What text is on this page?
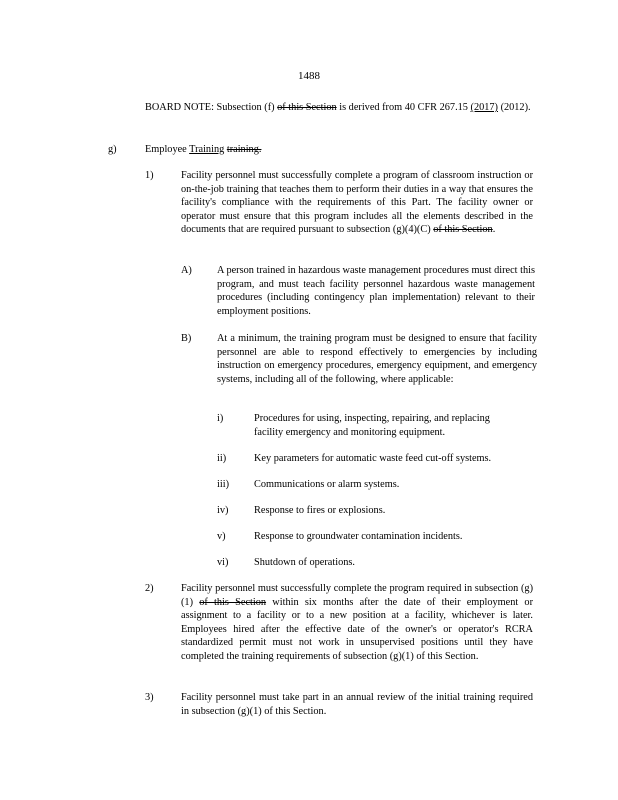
1488
BOARD NOTE: Subsection (f) of this Section is derived from 40 CFR 267.15 (2017) (2012).
g)	Employee Training training.
1)	Facility personnel must successfully complete a program of classroom instruction or on-the-job training that teaches them to perform their duties in a way that ensures the facility's compliance with the requirements of this Part. The facility owner or operator must ensure that this program includes all the elements described in the documents that are required pursuant to subsection (g)(4)(C) of this Section.
A) A person trained in hazardous waste management procedures must direct this program, and must teach facility personnel hazardous waste management procedures (including contingency plan implementation) relevant to their employment positions.
B) At a minimum, the training program must be designed to ensure that facility personnel are able to respond effectively to emergencies by including instruction on emergency procedures, emergency equipment, and emergency systems, including all of the following, where applicable:
i)	Procedures for using, inspecting, repairing, and replacing facility emergency and monitoring equipment.
ii)	Key parameters for automatic waste feed cut-off systems.
iii) Communications or alarm systems.
iv) Response to fires or explosions.
v)	Response to groundwater contamination incidents.
vi) Shutdown of operations.
2)	Facility personnel must successfully complete the program required in subsection (g)(1) of this Section within six months after the date of their employment or assignment to a facility or to a new position at a facility, whichever is later. Employees hired after the effective date of the owner's or operator's RCRA standardized permit must not work in unsupervised positions until they have completed the training requirements of subsection (g)(1) of this Section.
3)	Facility personnel must take part in an annual review of the initial training required in subsection (g)(1) of this Section.
